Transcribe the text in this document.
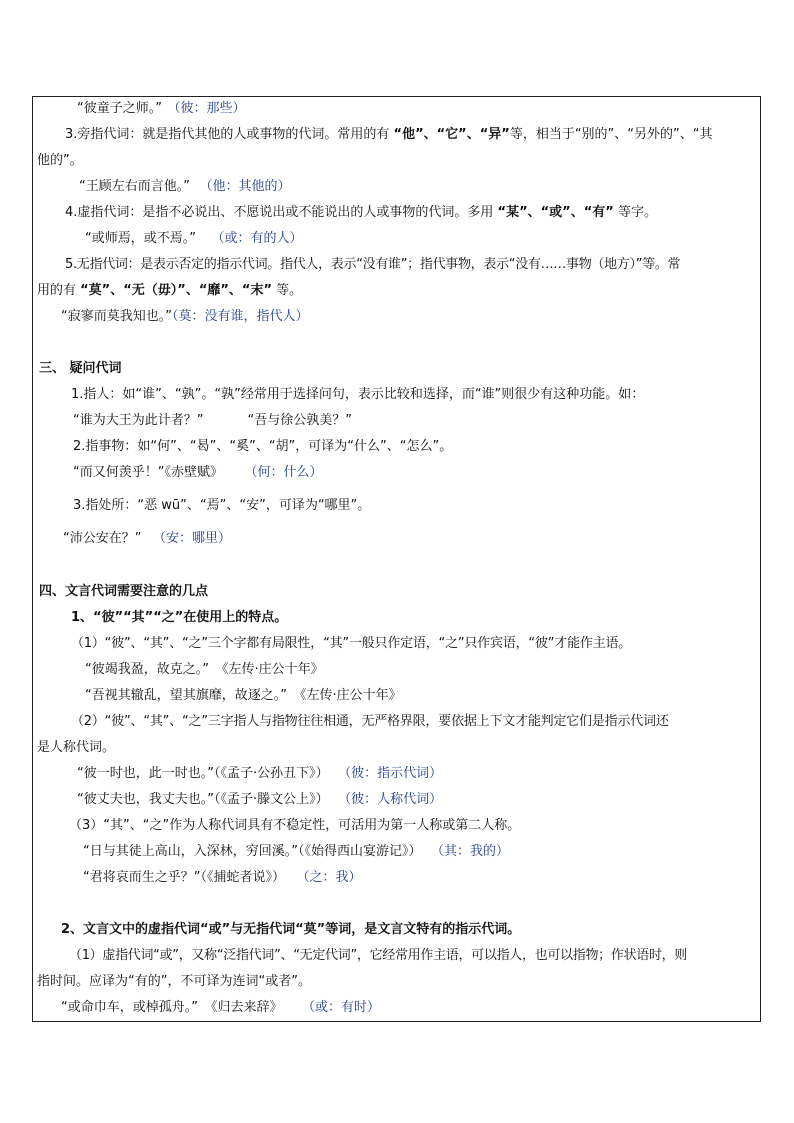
“彼童子之师。” （彼：那些）
3.旁指代词：就是指代其他的人或事物的代词。常用的有 “他”、“它”、“异”等，相当于“别的”、“另外的”、“其
他的”。
“王顾左右而言他。” （他：其他的）
4.虚指代词：是指不必说出、不愿说出或不能说出的人或事物的代词。多用 “某”、“或”、“有” 等字。
“或师焉，或不焉。” （或：有的人）
5.无指代词：是表示否定的指示代词。指代人，表示“没有谁”；指代事物，表示“没有……事物（地方）”等。常
用的有 “莫”、“无（毋）”、“靡”、“末” 等。
“寂寥而莫我知也。”（莫：没有谁，指代人）
三、 疑问代词
1.指人：如“谁”、“孰”。“孰”经常用于选择问句，表示比较和选择，而“谁”则很少有这种功能。如：
“谁为大王为此计者？”	“吾与徐公孰美？”
2.指事物：如“何”、“曷”、“奚”、“胡”，可译为“什么”、“怎么”。
“而又何羡乎！”《赤壁赋》 （何：什么）
3.指处所：“恶 wū”、“焉”、“安”，可译为“哪里”。
“沛公安在？” （安：哪里）
四、文言代词需要注意的几点
1、“彼”“其”“之”在使用上的特点。
（1）“彼”、“其”、“之”三个字都有局限性，“其”一般只作定语，“之”只作宾语，“彼”才能作主语。
“彼竭我盈，故克之。”　《左传·庄公十年》
“吾视其辙乱，望其旗靡，故逐之。”　《左传·庄公十年》
（2）“彼”、“其”、“之”三字指人与指物往往相通，无严格界限，要依据上下文才能判定它们是指示代词还
是人称代词。
“彼一时也，此一时也。”（《孟子·公孙丑下》） （彼：指示代词）
“彼丈夫也，我丈夫也。”（《孟子·滕文公上》） （彼：人称代词）
（3）“其”、“之”作为人称代词具有不稳定性，可活用为第一人称或第二人称。
“日与其徒上高山，入深林，穷回溪。”（《始得西山宴游记》） （其：我的）
“君将哀而生之乎？”（《捕蛇者说》） （之：我）
2、文言文中的虚指代词“或”与无指代词“莫”等词，是文言文特有的指示代词。
（1）虚指代词“或”，又称“泛指代词”、“无定代词”，它经常用作主语，可以指人，也可以指物；作状语时，则
指时间。应译为“有的”，不可译为连词“或者”。
“或命巾车，或棹孤舟。”　《归去来辞》 （或：有时）
